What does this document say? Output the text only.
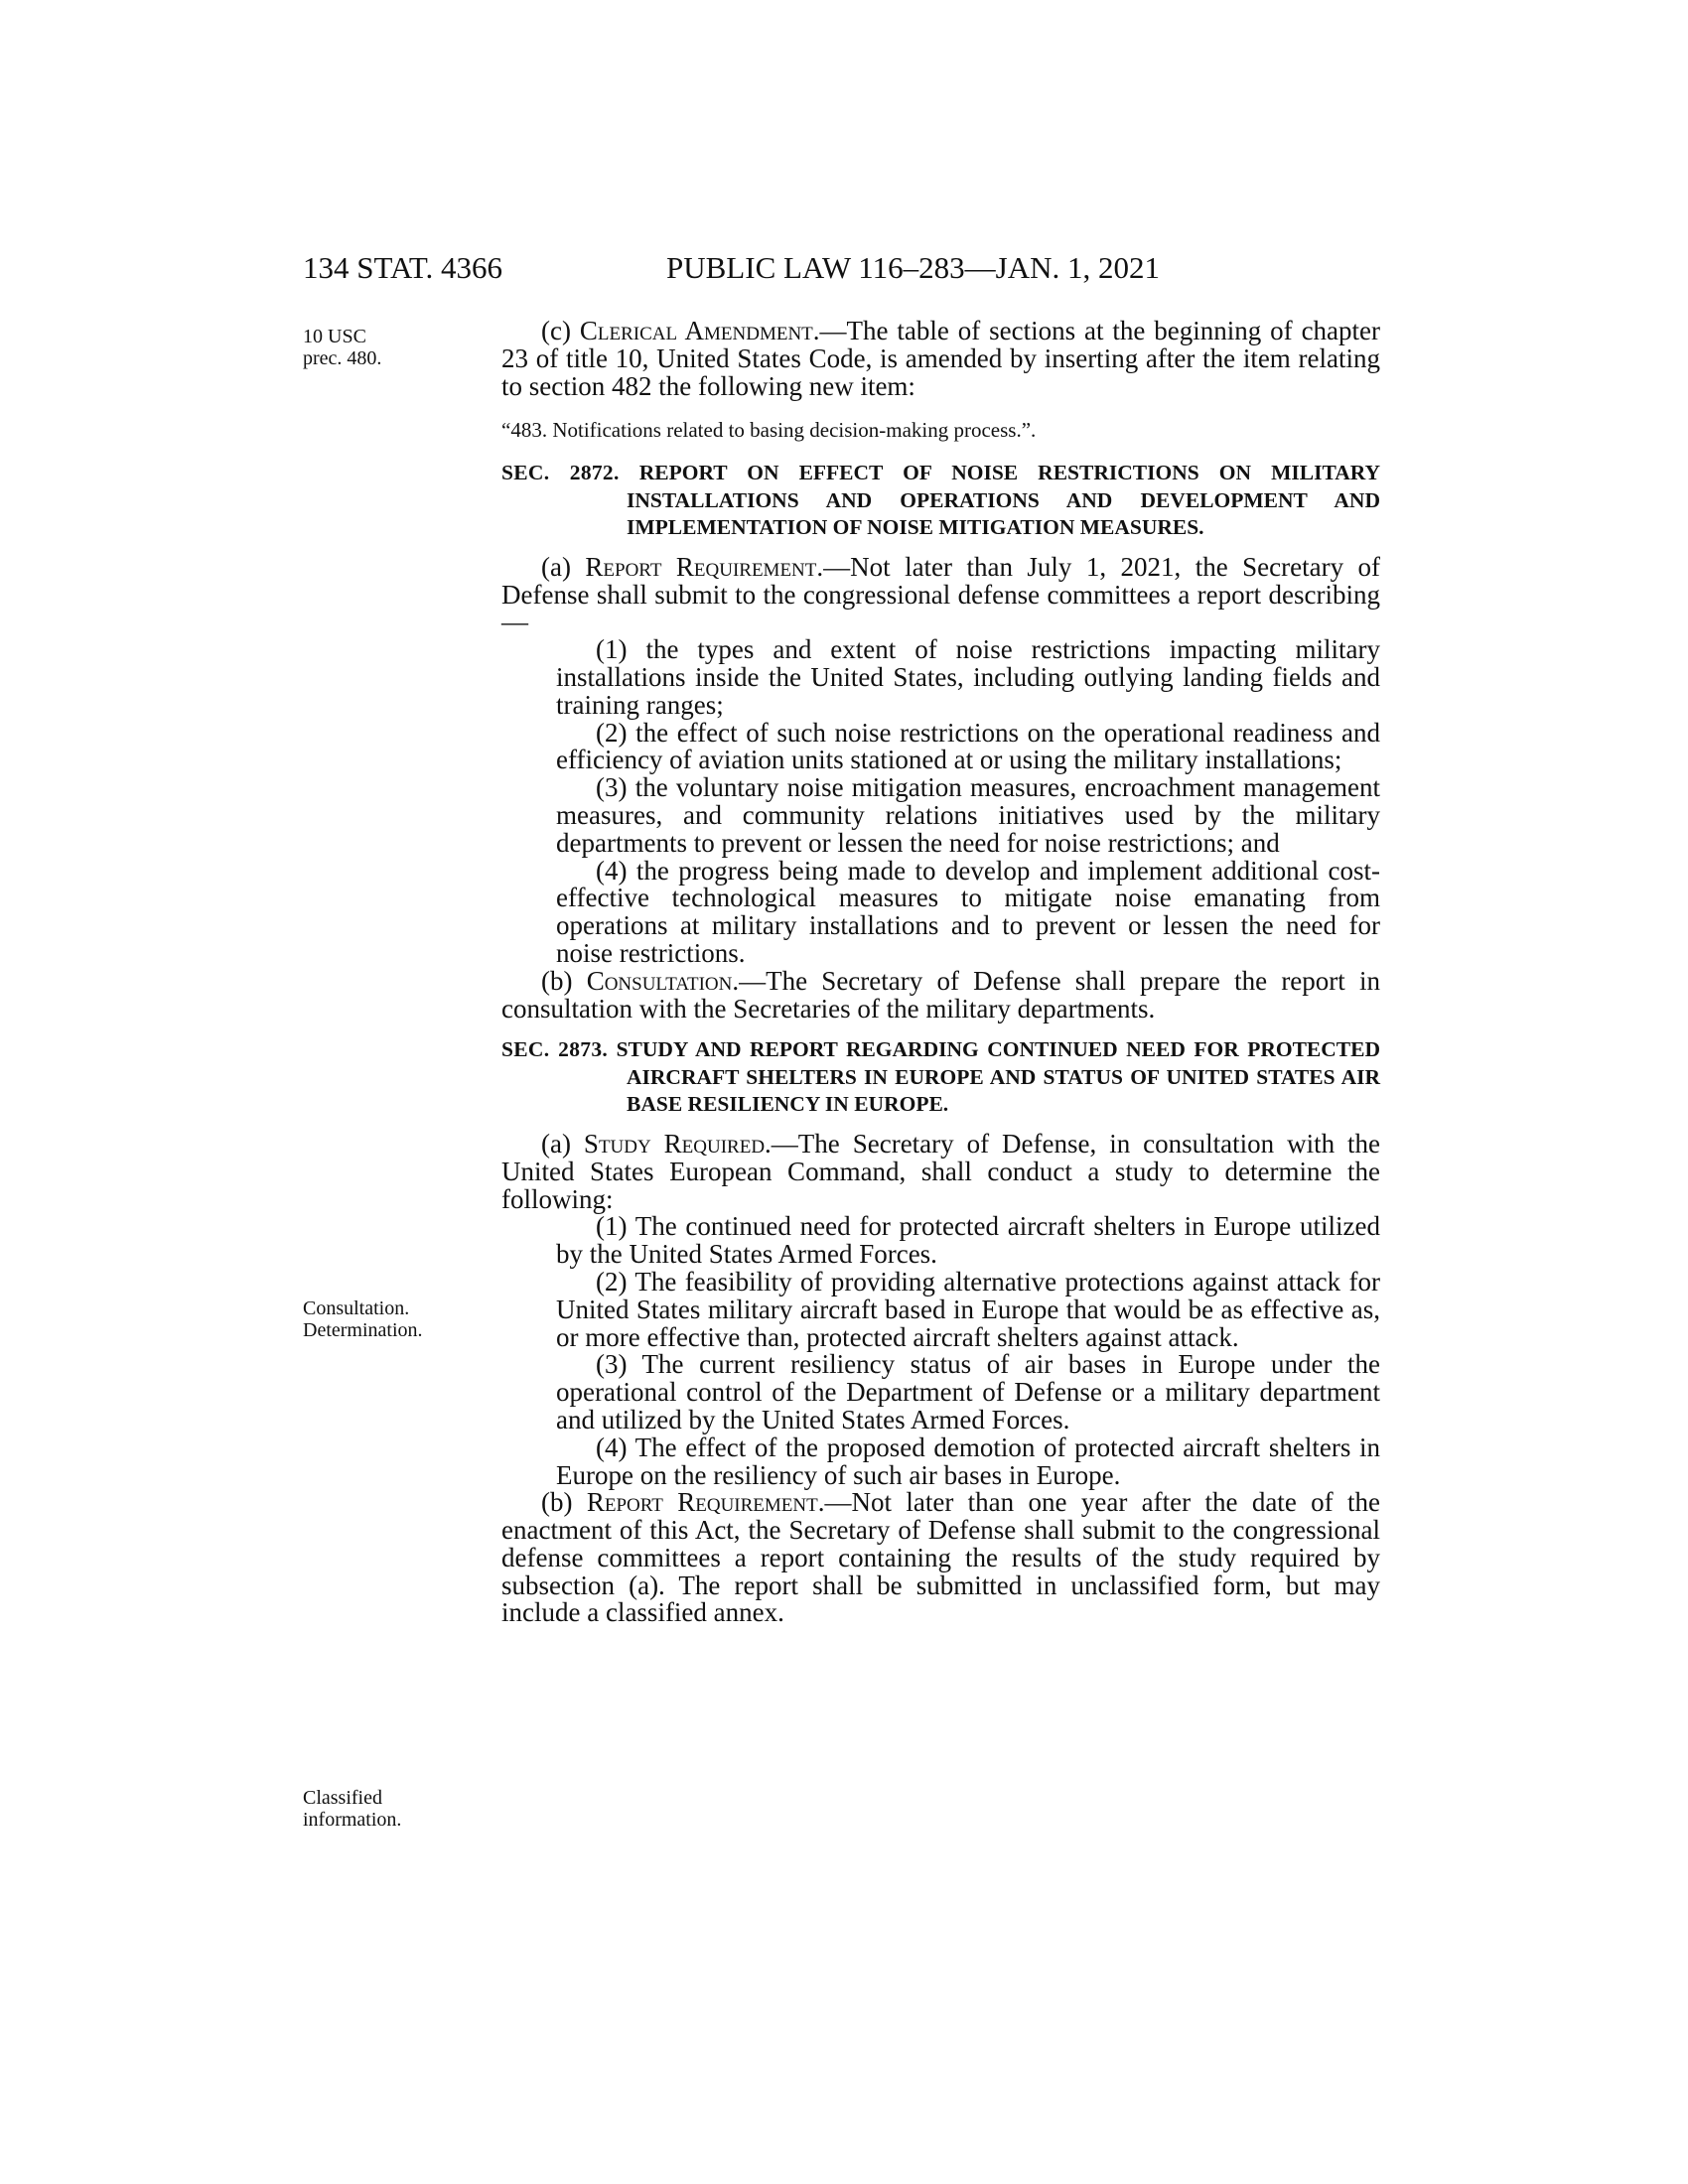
134 STAT. 4366	PUBLIC LAW 116–283—JAN. 1, 2021
10 USC
prec. 480.
Consultation.
Determination.
Classified
information.

(c) Clerical Amendment.—The table of sections at the beginning of chapter 23 of title 10, United States Code, is amended by inserting after the item relating to section 482 the following new item:

“483. Notifications related to basing decision-making process.”.

SEC. 2872. REPORT ON EFFECT OF NOISE RESTRICTIONS ON MILITARY INSTALLATIONS AND OPERATIONS AND DEVELOPMENT AND IMPLEMENTATION OF NOISE MITIGATION MEASURES.

(a) Report Requirement.—Not later than July 1, 2021, the Secretary of Defense shall submit to the congressional defense committees a report describing—

(1) the types and extent of noise restrictions impacting military installations inside the United States, including outlying landing fields and training ranges;

(2) the effect of such noise restrictions on the operational readiness and efficiency of aviation units stationed at or using the military installations;

(3) the voluntary noise mitigation measures, encroachment management measures, and community relations initiatives used by the military departments to prevent or lessen the need for noise restrictions; and

(4) the progress being made to develop and implement additional cost-effective technological measures to mitigate noise emanating from operations at military installations and to prevent or lessen the need for noise restrictions.

(b) Consultation.—The Secretary of Defense shall prepare the report in consultation with the Secretaries of the military departments.

SEC. 2873. STUDY AND REPORT REGARDING CONTINUED NEED FOR PROTECTED AIRCRAFT SHELTERS IN EUROPE AND STATUS OF UNITED STATES AIR BASE RESILIENCY IN EUROPE.

(a) Study Required.—The Secretary of Defense, in consultation with the United States European Command, shall conduct a study to determine the following:

(1) The continued need for protected aircraft shelters in Europe utilized by the United States Armed Forces.

(2) The feasibility of providing alternative protections against attack for United States military aircraft based in Europe that would be as effective as, or more effective than, protected aircraft shelters against attack.

(3) The current resiliency status of air bases in Europe under the operational control of the Department of Defense or a military department and utilized by the United States Armed Forces.

(4) The effect of the proposed demotion of protected aircraft shelters in Europe on the resiliency of such air bases in Europe.

(b) Report Requirement.—Not later than one year after the date of the enactment of this Act, the Secretary of Defense shall submit to the congressional defense committees a report containing the results of the study required by subsection (a). The report shall be submitted in unclassified form, but may include a classified annex.
